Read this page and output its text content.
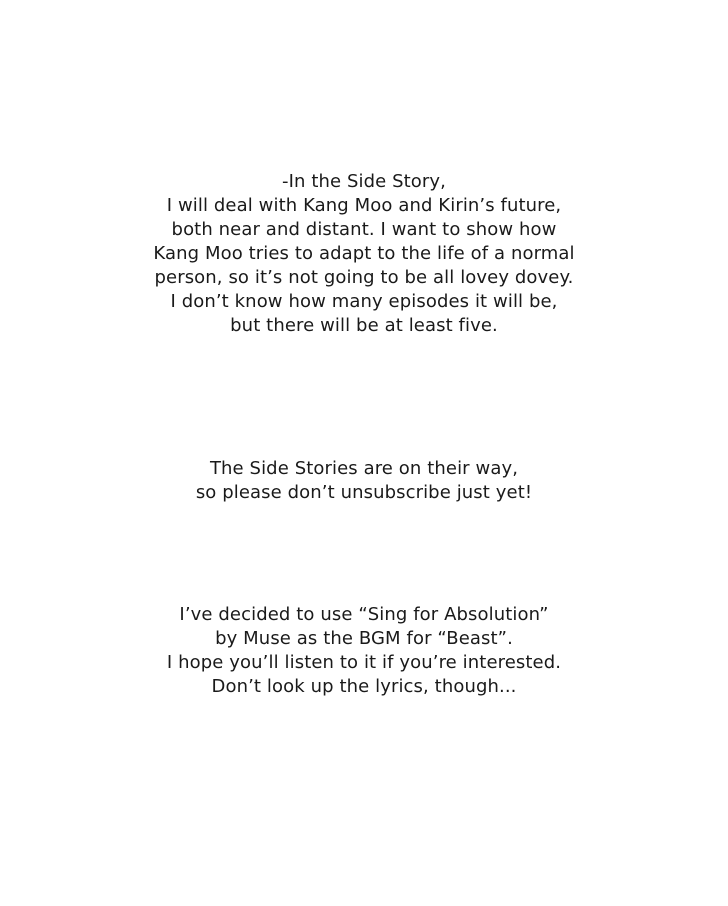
-In the Side Story,
I will deal with Kang Moo and Kirin’s future,
both near and distant. I want to show how
Kang Moo tries to adapt to the life of a normal
person, so it’s not going to be all lovey dovey.
I don’t know how many episodes it will be,
but there will be at least five.
The Side Stories are on their way,
so please don’t unsubscribe just yet!
I’ve decided to use “Sing for Absolution”
by Muse as the BGM for “Beast”.
I hope you’ll listen to it if you’re interested.
Don’t look up the lyrics, though...
